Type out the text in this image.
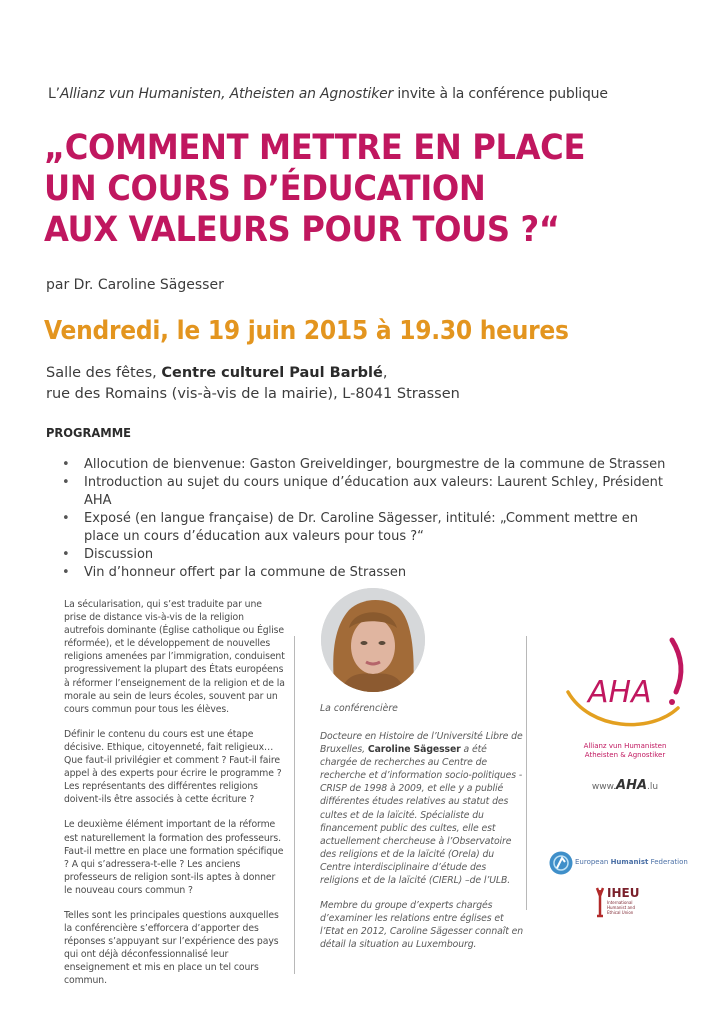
L’Allianz vun Humanisten, Atheisten an Agnostiker invite à la conférence publique
„COMMENT METTRE EN PLACE
UN COURS D’ÉDUCATION
AUX VALEURS POUR TOUS ?“
par Dr. Caroline Sägesser
Vendredi, le 19 juin 2015 à 19.30 heures
Salle des fêtes, Centre culturel Paul Barblé,
rue des Romains (vis-à-vis de la mairie), L-8041 Strassen
PROGRAMME
• Allocution de bienvenue: Gaston Greiveldinger, bourgmestre de la commune de Strassen
• Introduction au sujet du cours unique d’éducation aux valeurs: Laurent Schley, Président AHA
• Exposé (en langue française) de Dr. Caroline Sägesser, intitulé: „Comment mettre en place un cours d’éducation aux valeurs pour tous ?“
• Discussion
• Vin d’honneur offert par la commune de Strassen

La sécularisation, qui s’est traduite par une prise de distance vis-à-vis de la religion autrefois dominante (Église catholique ou Église réformée), et le développement de nouvelles religions amenées par l’immigration, conduisent progressivement la plupart des États européens à réformer l’enseignement de la religion et de la morale au sein de leurs écoles, souvent par un cours commun pour tous les élèves.

Définir le contenu du cours est une étape décisive. Ethique, citoyenneté, fait religieux… Que faut-il privilégier et comment ? Faut-il faire appel à des experts pour écrire le programme ? Les représentants des différentes religions doivent-ils être associés à cette écriture ?

Le deuxième élément important de la réforme est naturellement la formation des professeurs. Faut-il mettre en place une formation spécifique ? A qui s’adressera-t-elle ? Les anciens professeurs de religion sont-ils aptes à donner le nouveau cours commun ?

Telles sont les principales questions auxquelles la conférencière s’efforcera d’apporter des réponses s’appuyant sur l’expérience des pays qui ont déjà déconfessionnalisé leur enseignement et mis en place un tel cours commun.

La conférencière

Docteure en Histoire de l’Université Libre de Bruxelles, Caroline Sägesser a été chargée de recherches au Centre de recherche et d’information socio-politiques - CRISP de 1998 à 2009, et elle y a publié différentes études relatives au statut des cultes et de la laïcité. Spécialiste du financement public des cultes, elle est actuellement chercheuse à l’Observatoire des religions et de la laïcité (Orela) du Centre interdisciplinaire d’étude des religions et de la laïcité (CIERL) –de l’ULB.

Membre du groupe d’experts chargés d’examiner les relations entre églises et l’Etat en 2012, Caroline Sägesser connaît en détail la situation au Luxembourg.

AHA
Allianz vun Humanisten
Atheisten & Agnostiker
www.AHA.lu
European Humanist Federation
IHEU
International
Humanist and
Ethical Union
